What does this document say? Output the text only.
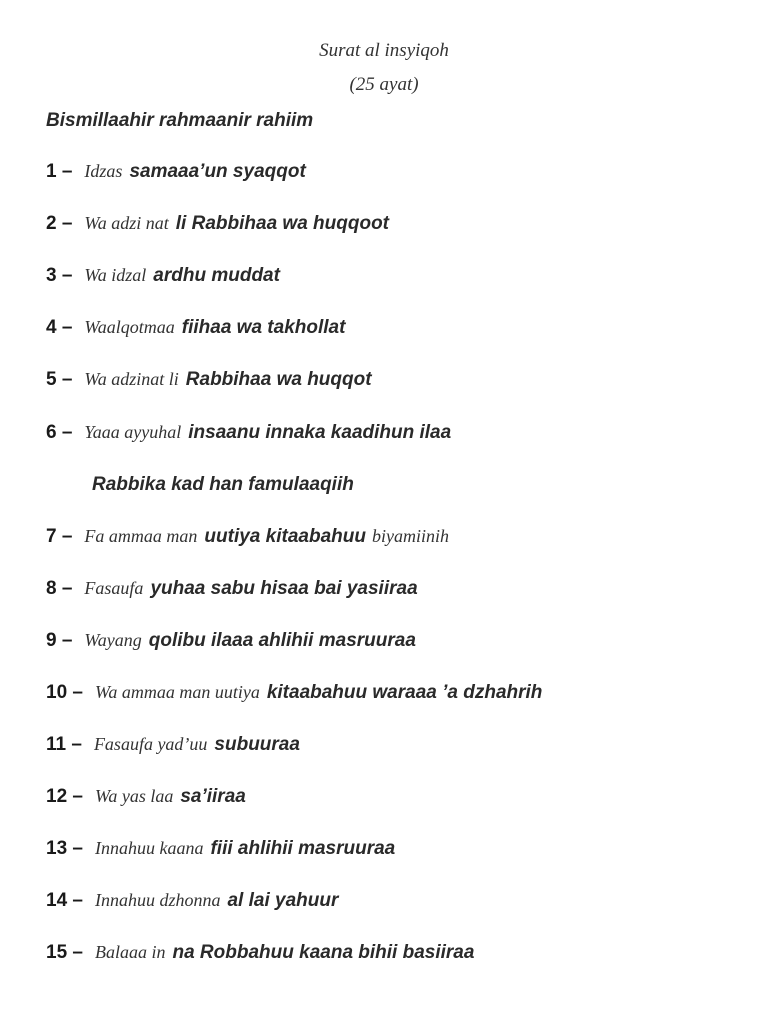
Surat al insyiqoh
(25 ayat)
Bismillaahir rahmaanir rahiim
1 – Idzas samaaa’un syaqqot
2 – Wa adzi nat li Rabbihaa wa huqqoot
3 – Wa idzal ardhu muddat
4 – Waalqotmaa fiihaa wa takhollat
5 – Wa adzinat li Rabbihaa wa huqqot
6 – Yaaa ayyuhal insaanu innaka kaadihun ilaa
Rabbika kad han famulaaqiih
7 – Fa ammaa man uutiya kitaabahuu biyamiinih
8 – Fasaufa yuhaa sabu hisaa bai yasiiraa
9 – Wayang qolibu ilaaa ahlihii masruuraa
10 – Wa ammaa man uutiya kitaabahuu waraaa ’a dzhahrih
11 – Fasaufa yad’uu subuuraa
12 – Wa yas laa sa’iiraa
13 – Innahuu kaana fiii ahlihii masruuraa
14 – Innahuu dzhonna al lai yahuur
15 – Balaaa in na Robbahuu kaana bihii basiiraa
